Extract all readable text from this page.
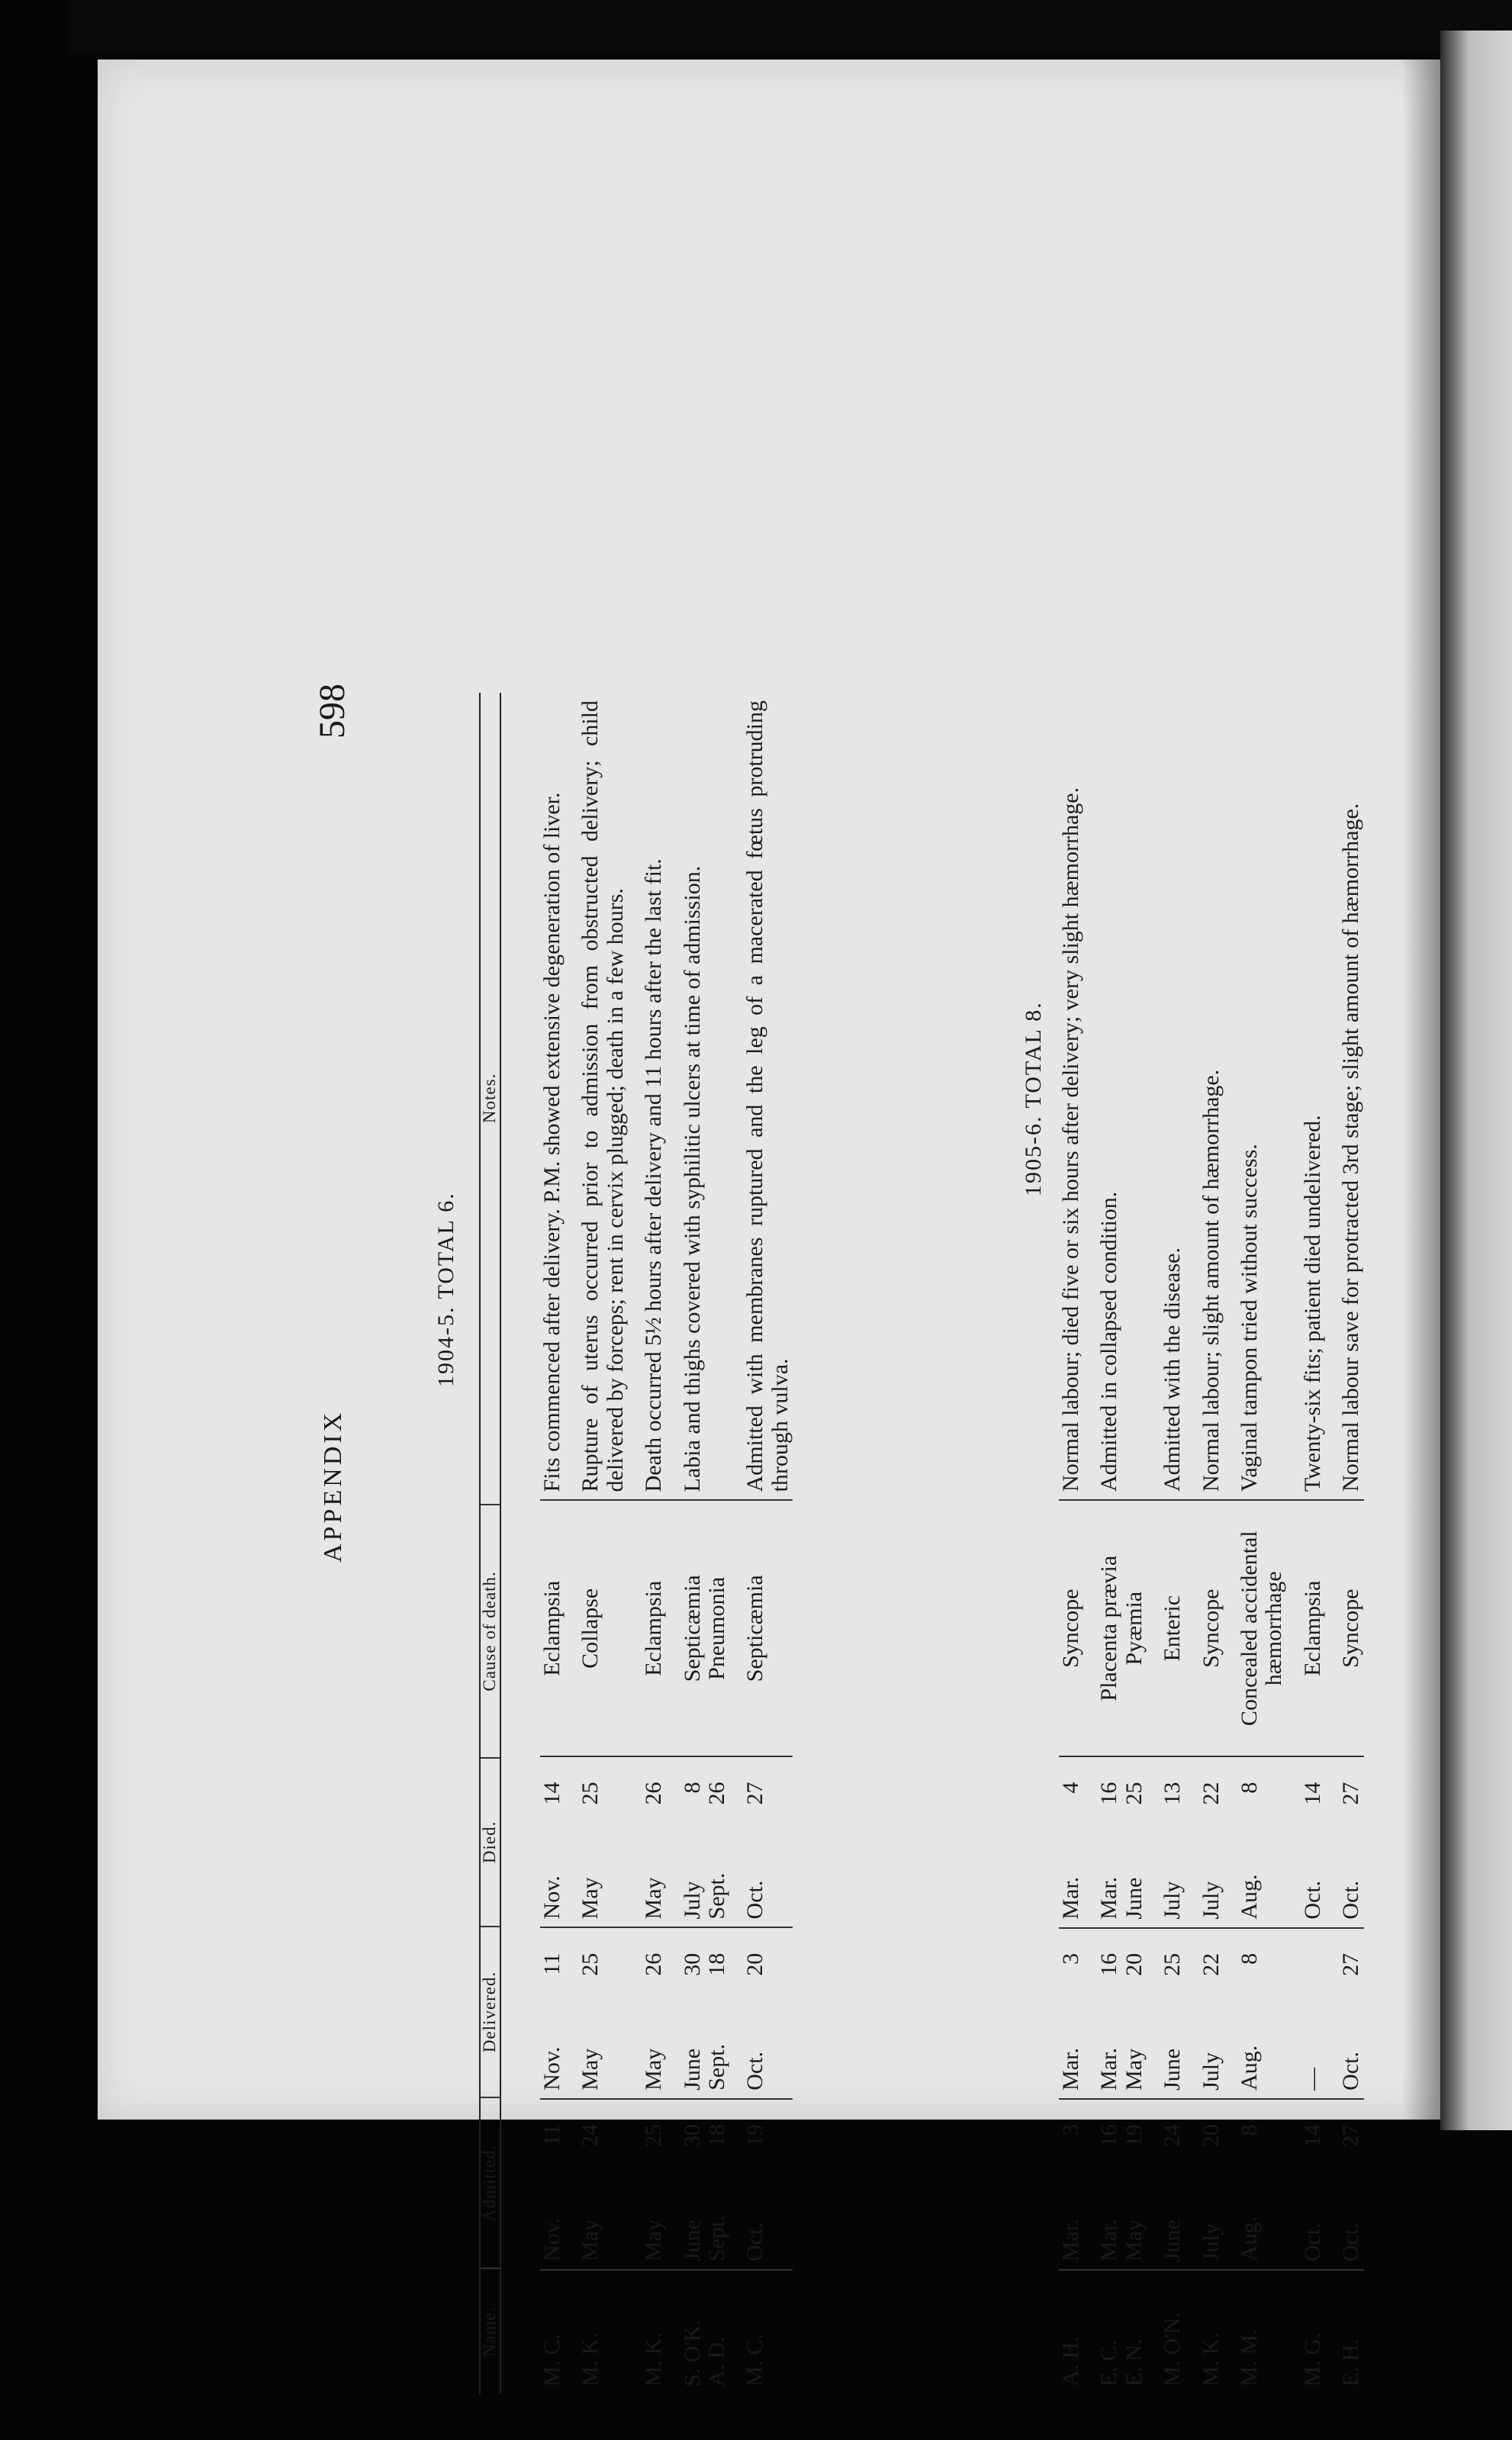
598
APPENDIX
Name.	Admitted.	Delivered.	Died.	Cause of death.	Notes.
1904-5. TOTAL 6.
M. C.	Nov.11	Nov.11	Nov.14	Eclampsia	Fits commenced after delivery. P.M. showed extensive degeneration of liver.
M. K.	May24	May25	May25	Collapse	Rupture of uterus occurred prior to admission from obstructed delivery; child delivered by forceps; rent in cervix plugged; death in a few hours.
M. K.	May25	May26	May26	Eclampsia	Death occurred 5½ hours after delivery and 11 hours after the last fit.
S. O'K.	June30	June30	July8	Septicæmia	Labia and thighs covered with syphilitic ulcers at time of admission.
A. D.	Sept.18	Sept.18	Sept.26	Pneumonia	
M. C.	Oct.19	Oct.20	Oct.27	Septicæmia	Admitted with membranes ruptured and the leg of a macerated fœtus protruding through vulva.
1905-6. TOTAL 8.
A. H.	Mar.3	Mar.3	Mar.4	Syncope	Normal labour; died five or six hours after delivery; very slight hæmorrhage.
E. C.	Mar.16	Mar.16	Mar.16	Placenta prævia	Admitted in collapsed condition.
E. N.	May19	May20	June25	Pyæmia	
M. O'N.	June24	June25	July13	Enteric	Admitted with the disease.
M. K.	July20	July22	July22	Syncope	Normal labour; slight amount of hæmorrhage.
M. M.	Aug.8	Aug.8	Aug.8	Concealed accidental hæmorrhage	Vaginal tampon tried without success.
M. G.	Oct.14	—	Oct.14	Eclampsia	Twenty-six fits; patient died undelivered.
E. H.	Oct.27	Oct.27	Oct.27	Syncope	Normal labour save for protracted 3rd stage; slight amount of hæmorrhage.
